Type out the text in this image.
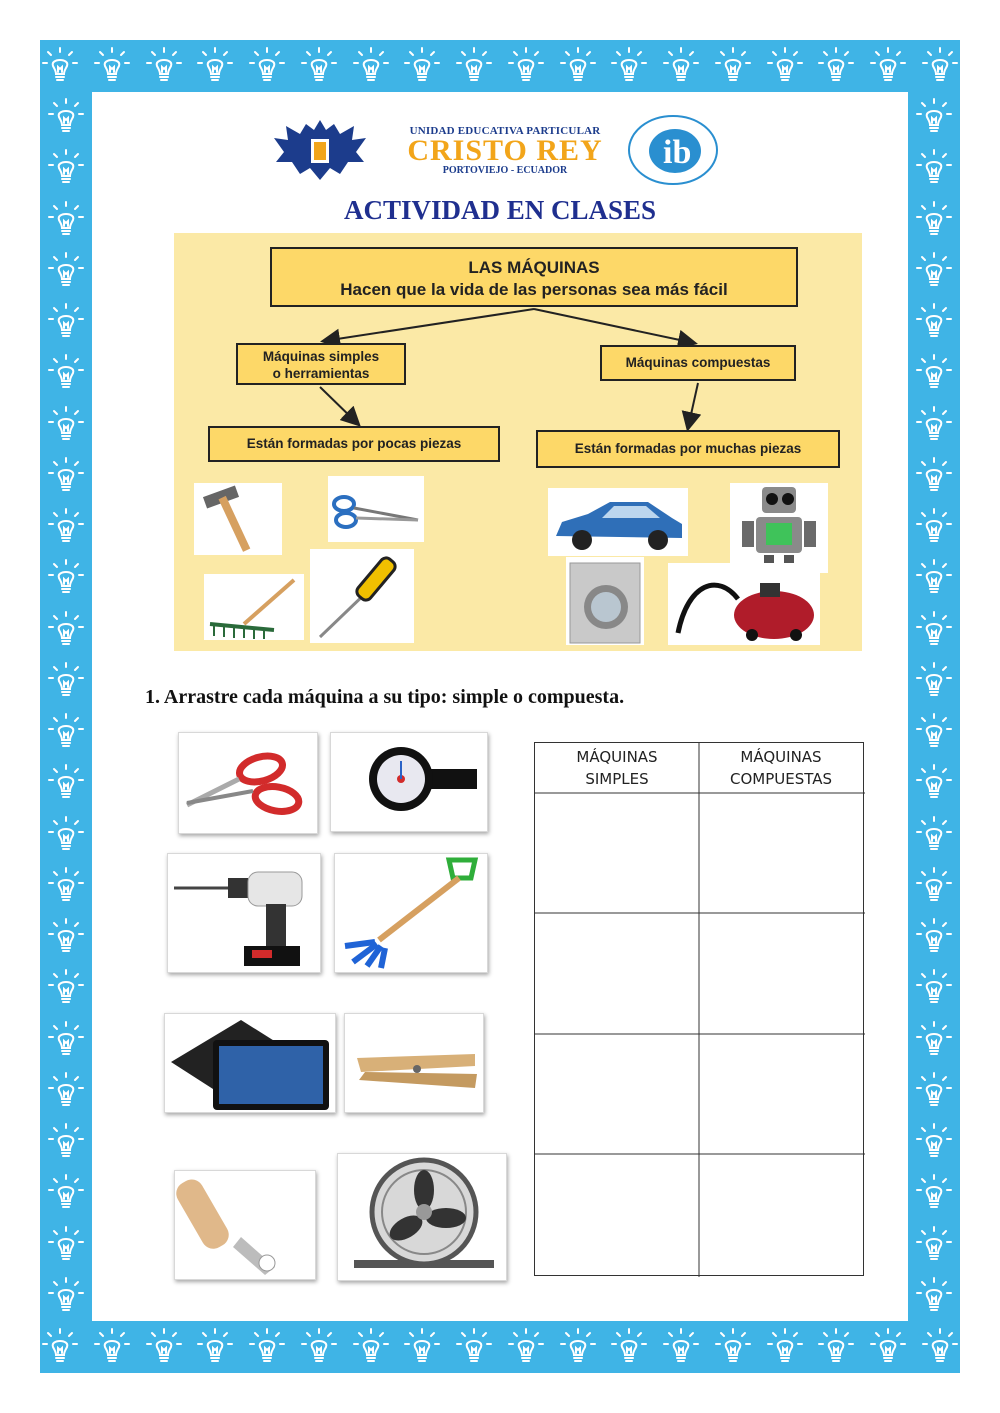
UNIDAD EDUCATIVA PARTICULAR
CRISTO REY
PORTOVIEJO - ECUADOR	ib
ACTIVIDAD EN CLASES
LAS MÁQUINAS
Hacen que la vida de las personas sea más fácil
Máquinas simples
o herramientas
Máquinas compuestas
Están formadas por pocas piezas	Están formadas por muchas piezas
1. Arrastre cada máquina a su tipo: simple o compuesta.
MÁQUINAS
SIMPLES
MÁQUINAS
COMPUESTAS
